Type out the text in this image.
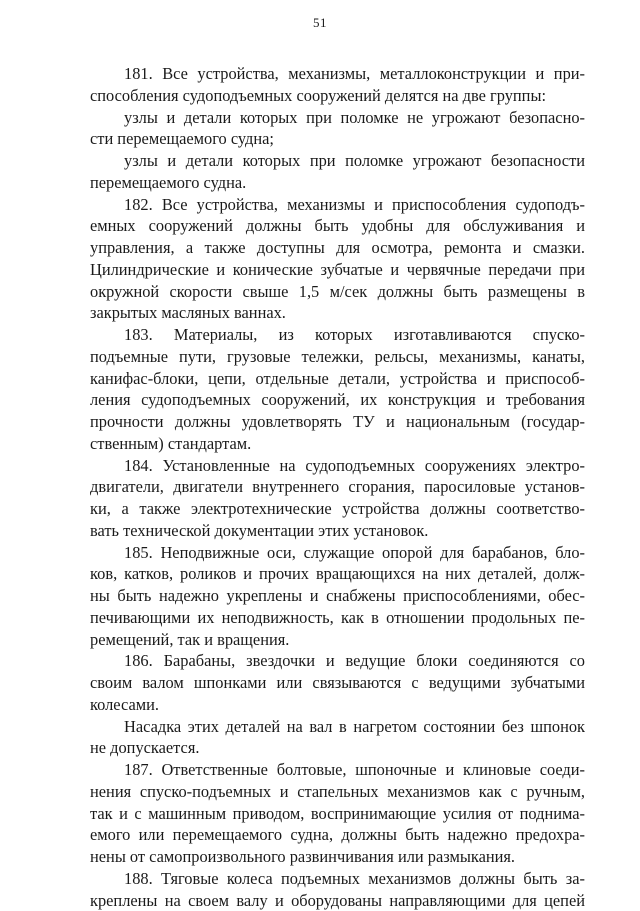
51
181. Все устройства, механизмы, металлоконструкции и при-
способления судоподъемных сооружений делятся на две группы:
узлы и детали которых при поломке не угрожают безопасно-
сти перемещаемого судна;
узлы и детали которых при поломке угрожают безопасности
перемещаемого судна.
182. Все устройства, механизмы и приспособления судоподъ-
емных сооружений должны быть удобны для обслуживания и
управления, а также доступны для осмотра, ремонта и смазки.
Цилиндрические и конические зубчатые и червячные передачи при
окружной скорости свыше 1,5 м/сек должны быть размещены в
закрытых масляных ваннах.
183. Материалы, из которых изготавливаются спуско-
подъемные пути, грузовые тележки, рельсы, механизмы, канаты,
канифас-блоки, цепи, отдельные детали, устройства и приспособ-
ления судоподъемных сооружений, их конструкция и требования
прочности должны удовлетворять ТУ и национальным (государ-
ственным) стандартам.
184. Установленные на судоподъемных сооружениях электро-
двигатели, двигатели внутреннего сгорания, паросиловые установ-
ки, а также электротехнические устройства должны соответство-
вать технической документации этих установок.
185. Неподвижные оси, служащие опорой для барабанов, бло-
ков, катков, роликов и прочих вращающихся на них деталей, долж-
ны быть надежно укреплены и снабжены приспособлениями, обес-
печивающими их неподвижность, как в отношении продольных пе-
ремещений, так и вращения.
186. Барабаны, звездочки и ведущие блоки соединяются со
своим валом шпонками или связываются с ведущими зубчатыми
колесами.
Насадка этих деталей на вал в нагретом состоянии без шпонок
не допускается.
187. Ответственные болтовые, шпоночные и клиновые соеди-
нения спуско-подъемных и стапельных механизмов как с ручным,
так и с машинным приводом, воспринимающие усилия от поднима-
емого или перемещаемого судна, должны быть надежно предохра-
нены от самопроизвольного развинчивания или размыкания.
188. Тяговые колеса подъемных механизмов должны быть за-
креплены на своем валу и оборудованы направляющими для цепей
